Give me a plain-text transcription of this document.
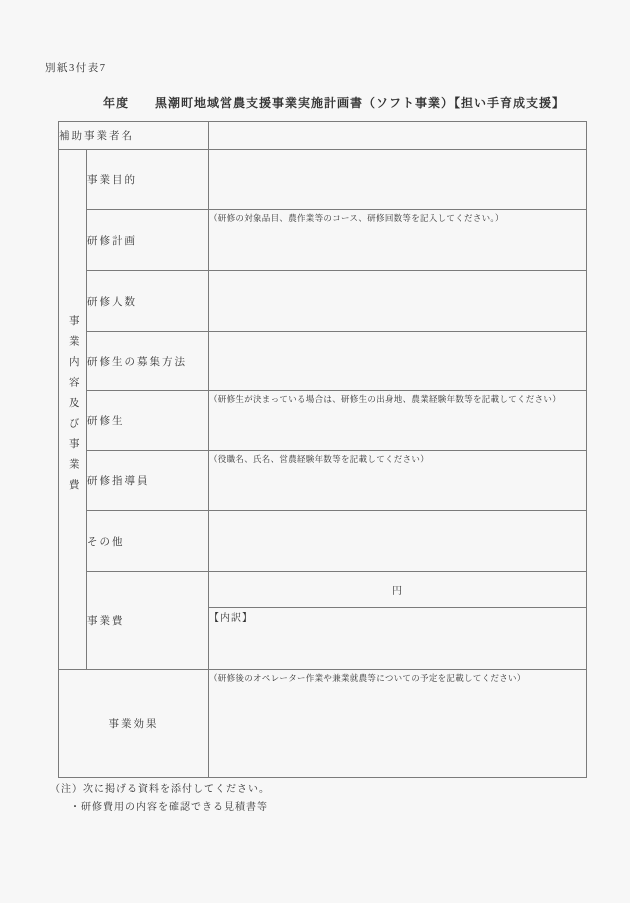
別紙3付表7
年度　　黒潮町地域営農支援事業実施計画書（ソフト事業）【担い手育成支援】
補助事業者名		
事業内容及び事業費	事業目的	
	研修計画	（研修の対象品目、農作業等のコース、研修回数等を記入してください。）

	研修人数	
	研修生の募集方法	
	研修生	（研修生が決まっている場合は、研修生の出身地、農業経験年数等を記載してください）

	研修指導員	（役職名、氏名、営農経験年数等を記載してください）

	その他	
	事業費	円
		【内訳】
事業効果		（研修後のオペレーター作業や兼業就農等についての予定を記載してください）
（注）次に掲げる資料を添付してください。
・研修費用の内容を確認できる見積書等
